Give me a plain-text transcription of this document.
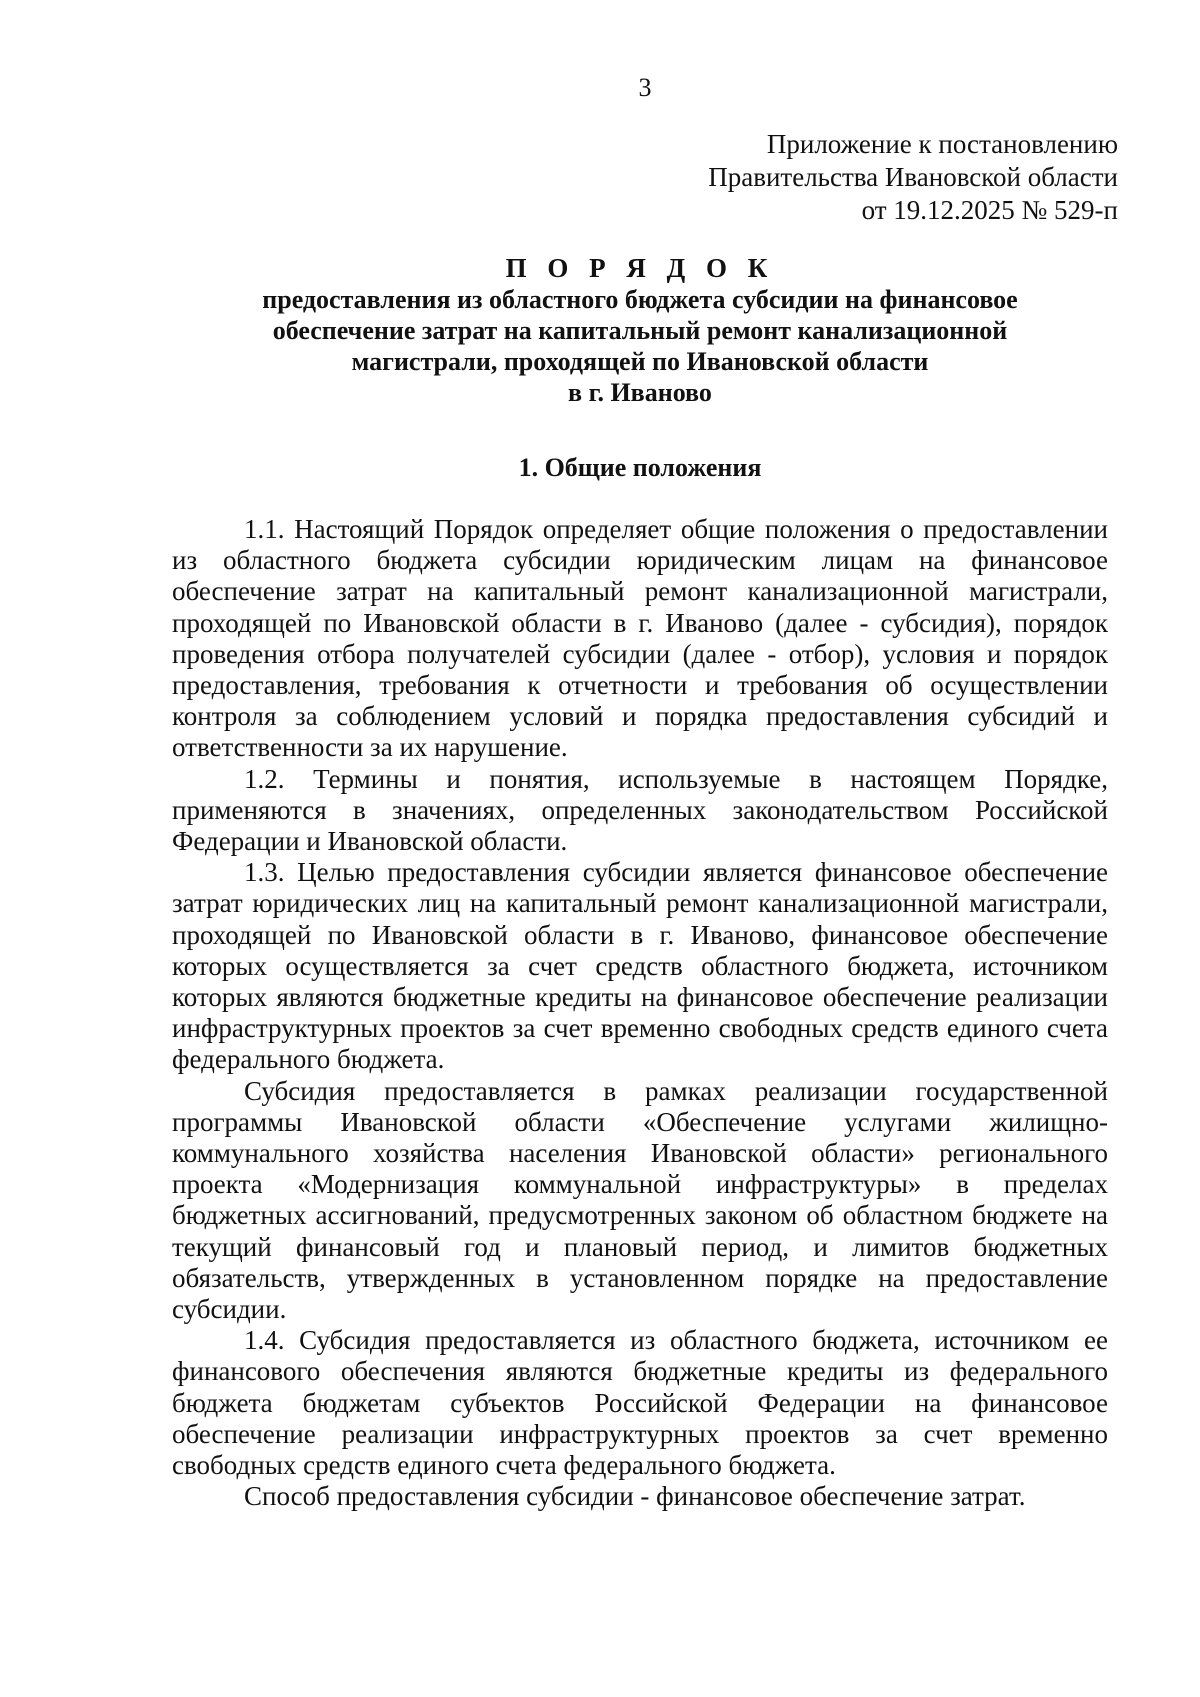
3
Приложение к постановлению
Правительства Ивановской области
от 19.12.2025 № 529-п
П О Р Я Д О К
предоставления из областного бюджета субсидии на финансовое
обеспечение затрат на капитальный ремонт канализационной
магистрали, проходящей по Ивановской области
в г. Иваново
1. Общие положения

1.1. Настоящий Порядок определяет общие положения о предоставлении из областного бюджета субсидии юридическим лицам на финансовое обеспечение затрат на капитальный ремонт канализационной магистрали, проходящей по Ивановской области в г. Иваново (далее - субсидия), порядок проведения отбора получателей субсидии (далее - отбор), условия и порядок предоставления, требования к отчетности и требования об осуществлении контроля за соблюдением условий и порядка предоставления субсидий и ответственности за их нарушение.

1.2. Термины и понятия, используемые в настоящем Порядке, применяются в значениях, определенных законодательством Российской Федерации и Ивановской области.

1.3. Целью предоставления субсидии является финансовое обеспечение затрат юридических лиц на капитальный ремонт канализационной магистрали, проходящей по Ивановской области в г. Иваново, финансовое обеспечение которых осуществляется за счет средств областного бюджета, источником которых являются бюджетные кредиты на финансовое обеспечение реализации инфраструктурных проектов за счет временно свободных средств единого счета федерального бюджета.

Субсидия предоставляется в рамках реализации государственной программы Ивановской области «Обеспечение услугами жилищно-коммунального хозяйства населения Ивановской области» регионального проекта «Модернизация коммунальной инфраструктуры» в пределах бюджетных ассигнований, предусмотренных законом об областном бюджете на текущий финансовый год и плановый период, и лимитов бюджетных обязательств, утвержденных в установленном порядке на предоставление субсидии.

1.4. Субсидия предоставляется из областного бюджета, источником ее финансового обеспечения являются бюджетные кредиты из федерального бюджета бюджетам субъектов Российской Федерации на финансовое обеспечение реализации инфраструктурных проектов за счет временно свободных средств единого счета федерального бюджета.

Способ предоставления субсидии - финансовое обеспечение затрат.
